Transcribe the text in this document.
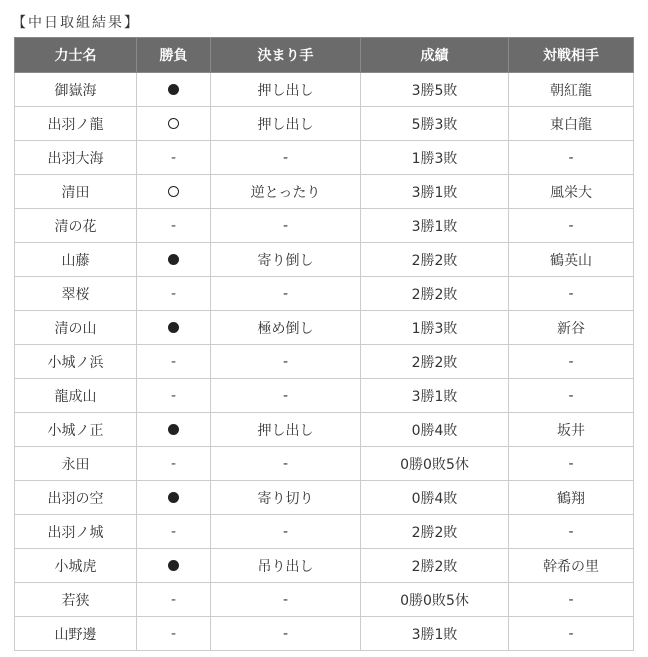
【中日取組結果】
力士名	勝負	決まり手	成績	対戦相手
御嶽海		押し出し	3勝5敗	朝紅龍
出羽ノ龍		押し出し	5勝3敗	東白龍
出羽大海	-	-	1勝3敗	-
清田		逆とったり	3勝1敗	風栄大
清の花	-	-	3勝1敗	-
山藤		寄り倒し	2勝2敗	鶴英山
翠桜	-	-	2勝2敗	-
清の山		極め倒し	1勝3敗	新谷
小城ノ浜	-	-	2勝2敗	-
龍成山	-	-	3勝1敗	-
小城ノ正		押し出し	0勝4敗	坂井
永田	-	-	0勝0敗5休	-
出羽の空		寄り切り	0勝4敗	鶴翔
出羽ノ城	-	-	2勝2敗	-
小城虎		吊り出し	2勝2敗	幹希の里
若狭	-	-	0勝0敗5休	-
山野邊	-	-	3勝1敗	-
